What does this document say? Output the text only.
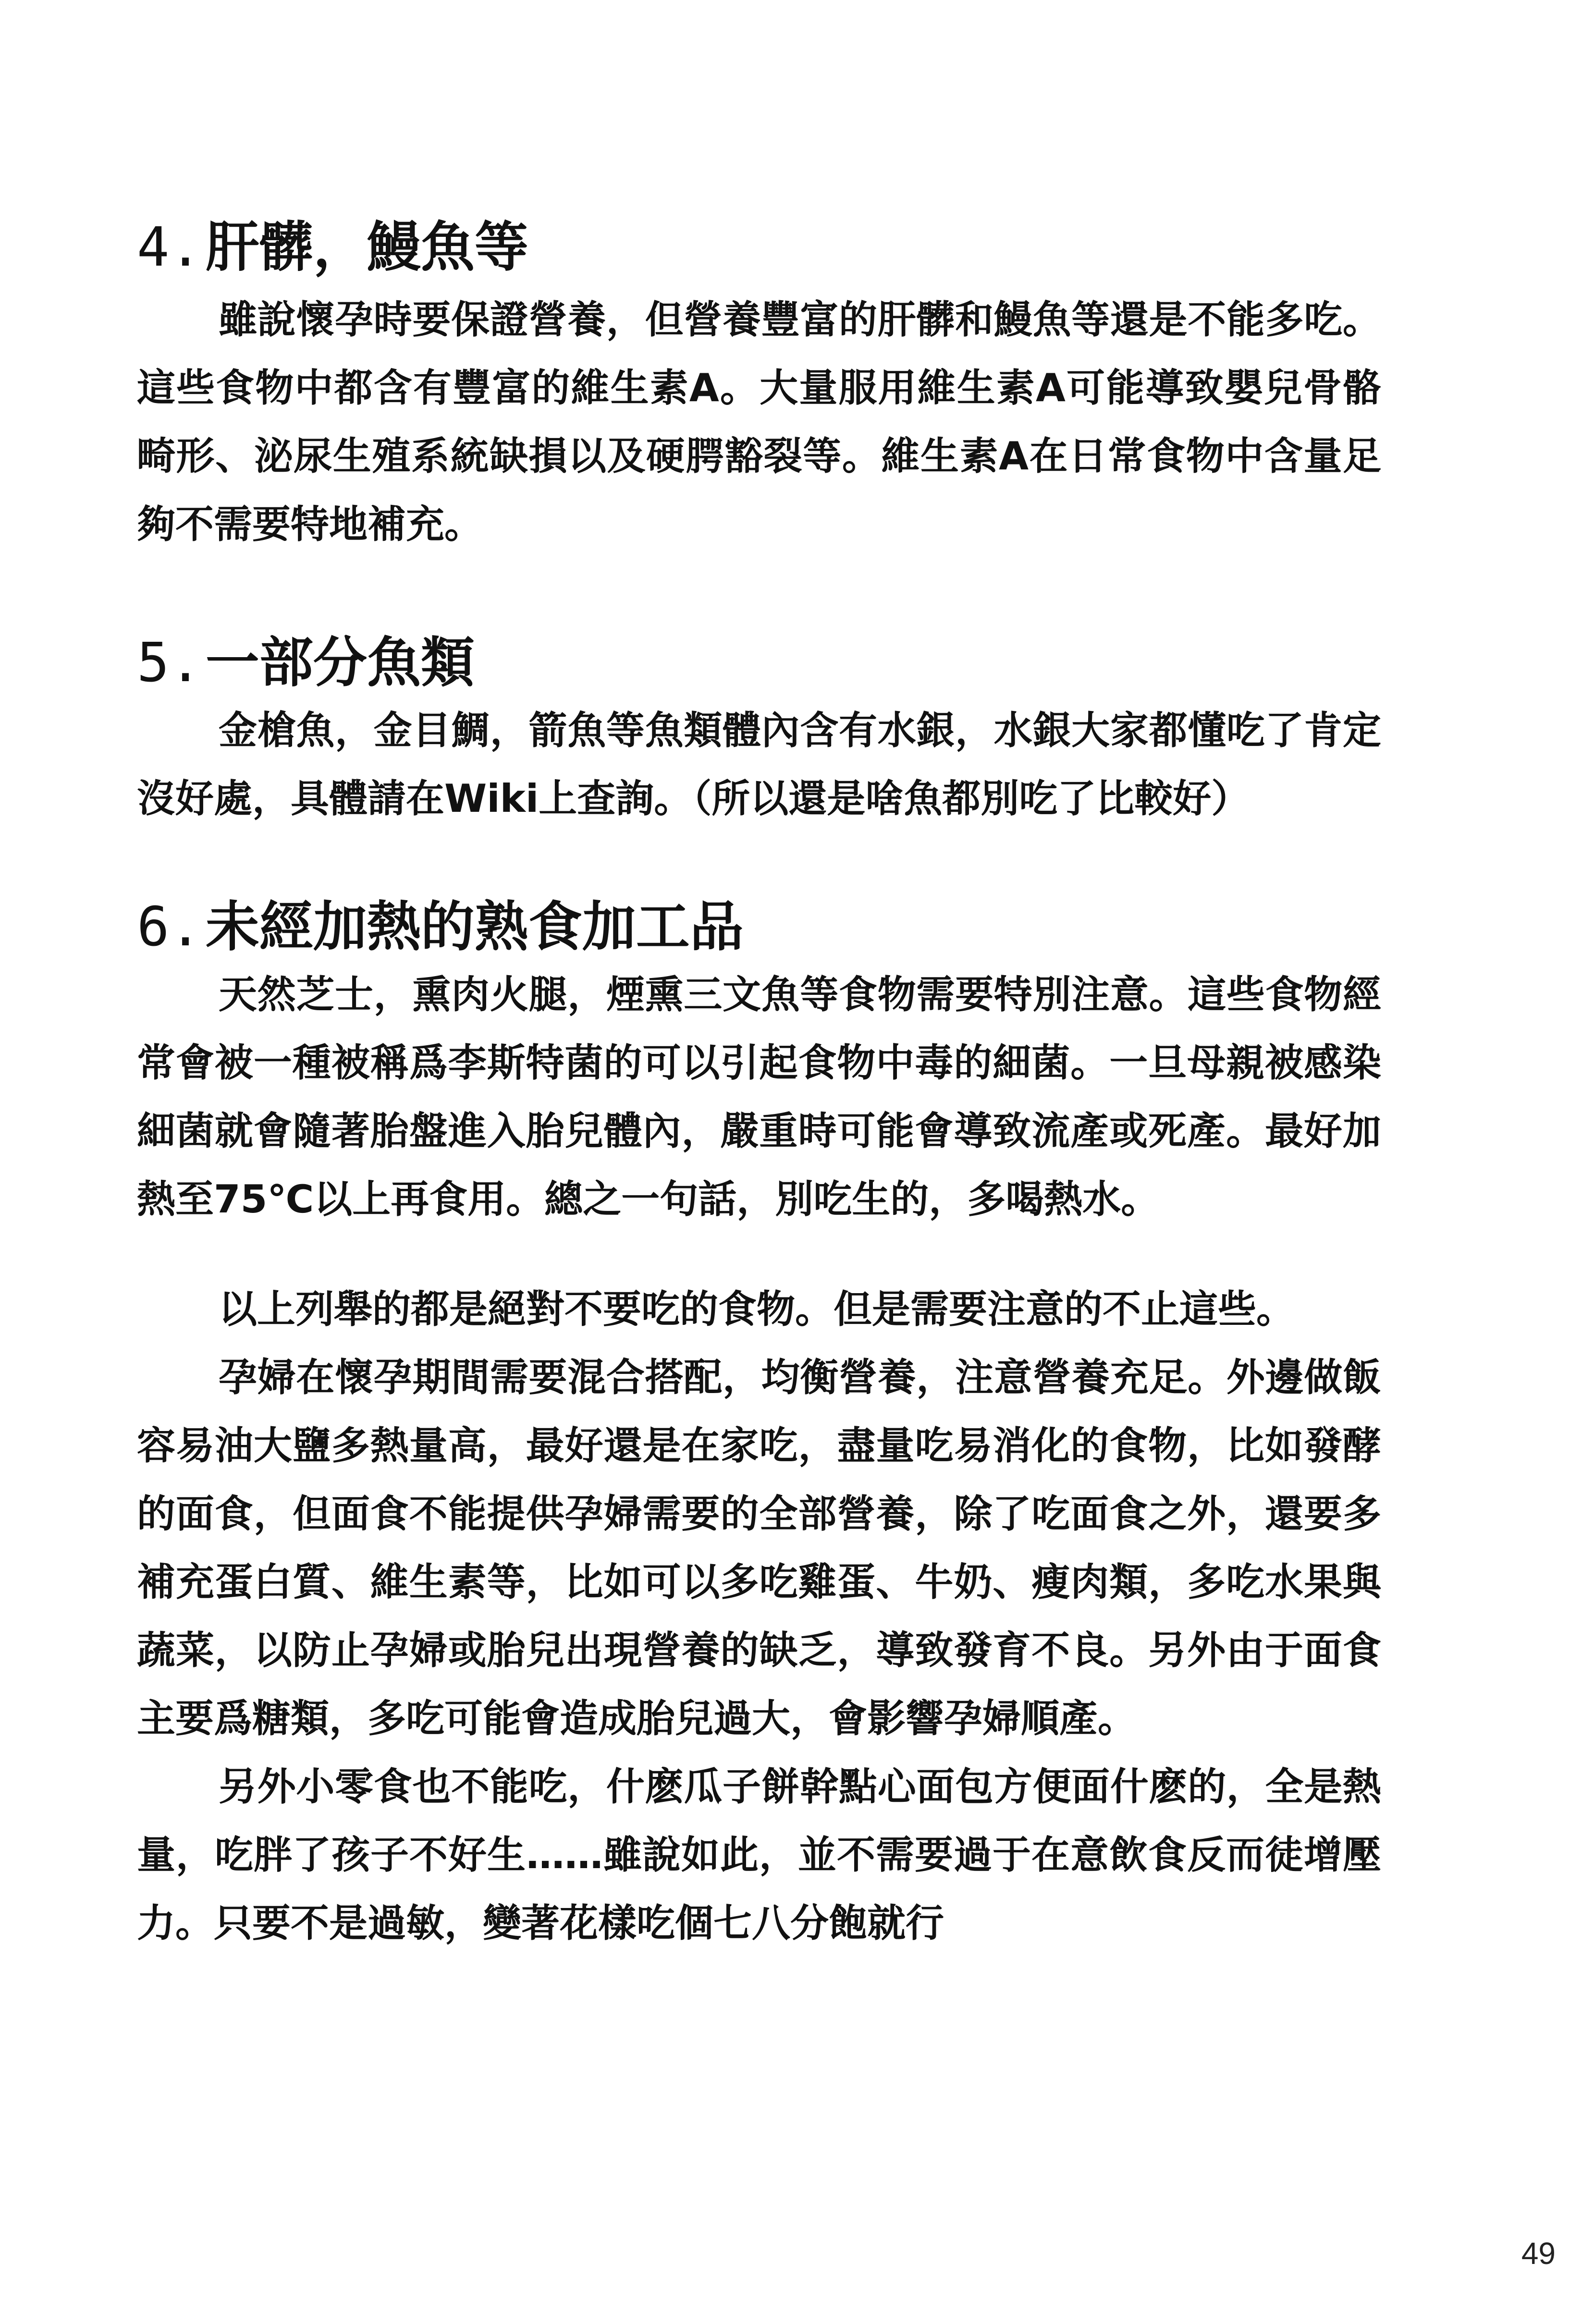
4.肝髒，鰻魚等

雖說懷孕時要保證營養，但營養豐富的肝髒和鰻魚等還是不能多吃。這些食物中都含有豐富的維生素A。大量服用維生素A可能導致嬰兒骨骼畸形、泌尿生殖系統缺損以及硬腭豁裂等。維生素A在日常食物中含量足夠不需要特地補充。

5.一部分魚類

金槍魚，金目鯛，箭魚等魚類體內含有水銀，水銀大家都懂吃了肯定沒好處，具體請在Wiki上查詢。（所以還是啥魚都別吃了比較好）

6.未經加熱的熟食加工品

天然芝士，熏肉火腿，煙熏三文魚等食物需要特別注意。這些食物經常會被一種被稱爲李斯特菌的可以引起食物中毒的細菌。一旦母親被感染細菌就會隨著胎盤進入胎兒體內，嚴重時可能會導致流產或死產。最好加熱至75℃以上再食用。總之一句話，別吃生的，多喝熱水。

以上列舉的都是絕對不要吃的食物。但是需要注意的不止這些。

孕婦在懷孕期間需要混合搭配，均衡營養，注意營養充足。外邊做飯容易油大鹽多熱量高，最好還是在家吃，盡量吃易消化的食物，比如發酵的面食，但面食不能提供孕婦需要的全部營養，除了吃面食之外，還要多補充蛋白質、維生素等，比如可以多吃雞蛋、牛奶、瘦肉類，多吃水果與蔬菜，以防止孕婦或胎兒出現營養的缺乏，導致發育不良。另外由于面食主要爲糖類，多吃可能會造成胎兒過大，會影響孕婦順產。

另外小零食也不能吃，什麽瓜子餅幹點心面包方便面什麽的，全是熱量，吃胖了孩子不好生……雖說如此，並不需要過于在意飲食反而徒增壓力。只要不是過敏，變著花樣吃個七八分飽就行

49
